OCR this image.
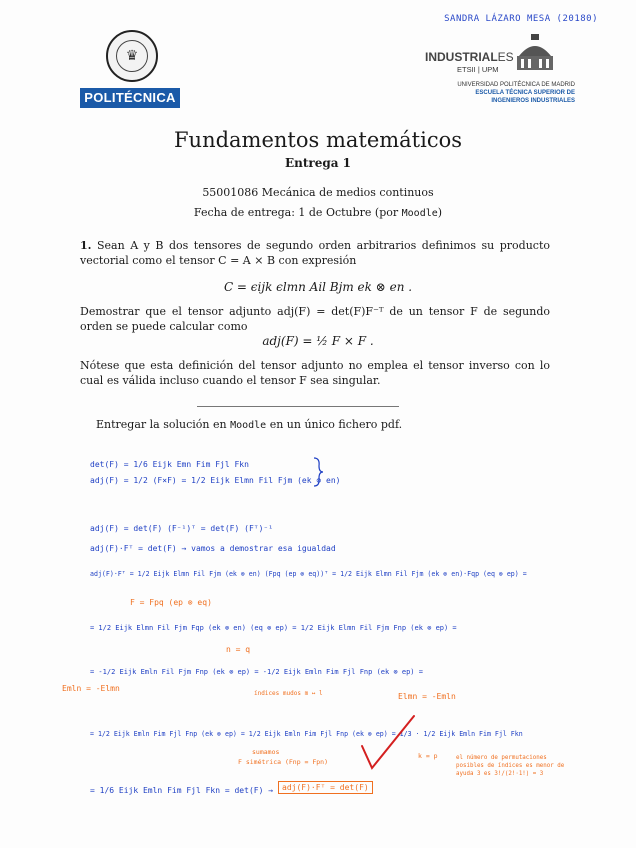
SANDRA LÁZARO MESA (20180)
♛
POLITÉCNICA
INDUSTRIALES
ETSII | UPM
UNIVERSIDAD POLITÉCNICA DE MADRID
ESCUELA TÉCNICA SUPERIOR DE
INGENIEROS INDUSTRIALES
Fundamentos matemáticos
Entrega 1
55001086 Mecánica de medios continuos
Fecha de entrega: 1 de Octubre (por Moodle)
1. Sean A y B dos tensores de segundo orden arbitrarios definimos su producto vectorial como el tensor C = A × B con expresión
C = ϵijk ϵlmn Ail Bjm ek ⊗ en .
Demostrar que el tensor adjunto adj(F) = det(F)F⁻ᵀ de un tensor F de segundo orden se puede calcular como
adj(F) = ½ F × F .
Nótese que esta definición del tensor adjunto no emplea el tensor inverso con lo cual es válida incluso cuando el tensor F sea singular.
Entregar la solución en Moodle en un único fichero pdf.
det(F) = 1/6 Eijk Emn Fim Fjl Fkn
adj(F) = 1/2 (F×F) = 1/2 Eijk Elmn Fil Fjm (ek ⊗ en)
adj(F) = det(F) (F⁻¹)ᵀ = det(F) (Fᵀ)⁻¹
adj(F)·Fᵀ = det(F) → vamos a demostrar esa igualdad
adj(F)·Fᵀ = 1/2 Eijk Elmn Fil Fjm (ek ⊗ en) (Fpq (ep ⊗ eq))ᵀ = 1/2 Eijk Elmn Fil Fjm (ek ⊗ en)·Fqp (eq ⊗ ep) =
F = Fpq (ep ⊗ eq)
= 1/2 Eijk Elmn Fil Fjm Fqp (ek ⊗ en) (eq ⊗ ep) = 1/2 Eijk Elmn Fil Fjm Fnp (ek ⊗ ep) =
n = q
= -1/2 Eijk Emln Fil Fjm Fnp (ek ⊗ ep) = -1/2 Eijk Emln Fim Fjl Fnp (ek ⊗ ep) =
Emln = -Elmn
índices mudos m ↔ l	Elmn = -Emln
= 1/2 Eijk Emln Fim Fjl Fnp (ek ⊗ ep) = 1/2 Eijk Emln Fim Fjl Fnp (ek ⊗ ep) = 1/3 · 1/2 Eijk Emln Fim Fjl Fkn
sumamos
F simétrica (Fnp = Fpn)
k = p	el número de permutaciones posibles de índices es menor de ayuda 3 es 3!/(2!·1!) = 3
= 1/6 Eijk Emln Fim Fjl Fkn = det(F) →	adj(F)·Fᵀ = det(F)
